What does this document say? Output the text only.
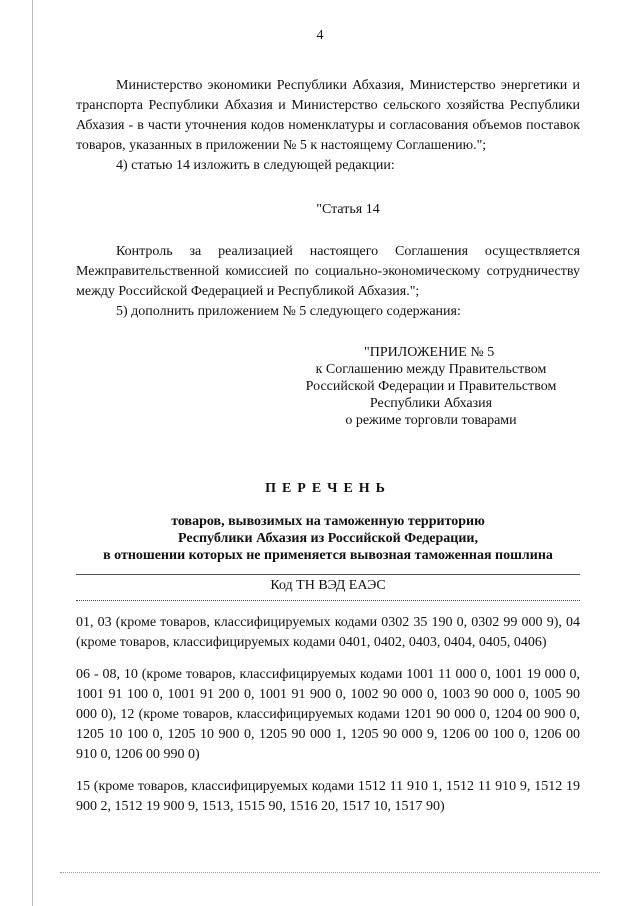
4

Министерство экономики Республики Абхазия, Министерство энергетики и транспорта Республики Абхазия и Министерство сельского хозяйства Республики Абхазия - в части уточнения кодов номенклатуры и согласования объемов поставок товаров, указанных в приложении № 5 к настоящему Соглашению.";

4) статью 14 изложить в следующей редакции:

"Статья 14

Контроль за реализацией настоящего Соглашения осуществляется Межправительственной комиссией по социально-экономическому сотрудничеству между Российской Федерацией и Республикой Абхазия.";

5) дополнить приложением № 5 следующего содержания:

"ПРИЛОЖЕНИЕ № 5
к Соглашению между Правительством
Российской Федерации и Правительством
Республики Абхазия
о режиме торговли товарами
ПЕРЕЧЕНЬ
товаров, вывозимых на таможенную территорию
Республики Абхазия из Российской Федерации,
в отношении которых не применяется вывозная таможенная пошлина
Код ТН ВЭД ЕАЭС

01, 03 (кроме товаров, классифицируемых кодами 0302 35 190 0, 0302 99 000 9), 04 (кроме товаров, классифицируемых кодами 0401, 0402, 0403, 0404, 0405, 0406)

06 - 08, 10 (кроме товаров, классифицируемых кодами 1001 11 000 0, 1001 19 000 0, 1001 91 100 0, 1001 91 200 0, 1001 91 900 0, 1002 90 000 0, 1003 90 000 0, 1005 90 000 0), 12 (кроме товаров, классифицируемых кодами 1201 90 000 0, 1204 00 900 0, 1205 10 100 0, 1205 10 900 0, 1205 90 000 1, 1205 90 000 9, 1206 00 100 0, 1206 00 910 0, 1206 00 990 0)

15 (кроме товаров, классифицируемых кодами 1512 11 910 1, 1512 11 910 9, 1512 19 900 2, 1512 19 900 9, 1513, 1515 90, 1516 20, 1517 10, 1517 90)
